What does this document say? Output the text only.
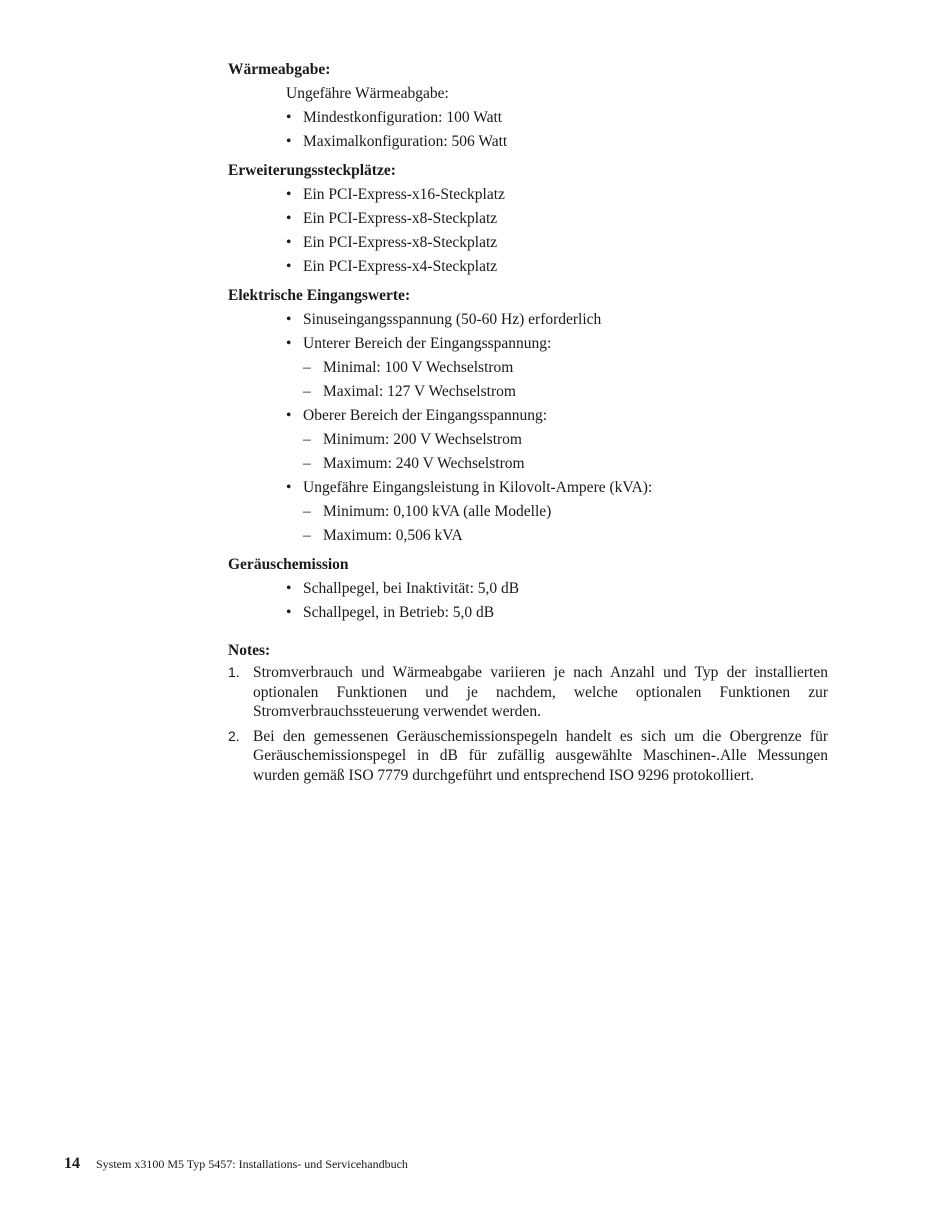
Wärmeabgabe:
Ungefähre Wärmeabgabe:
• Mindestkonfiguration: 100 Watt
• Maximalkonfiguration: 506 Watt
Erweiterungssteckplätze:
• Ein PCI-Express-x16-Steckplatz
• Ein PCI-Express-x8-Steckplatz
• Ein PCI-Express-x8-Steckplatz
• Ein PCI-Express-x4-Steckplatz
Elektrische Eingangswerte:
• Sinuseingangsspannung (50-60 Hz) erforderlich
• Unterer Bereich der Eingangsspannung:
– Minimal: 100 V Wechselstrom
– Maximal: 127 V Wechselstrom
• Oberer Bereich der Eingangsspannung:
– Minimum: 200 V Wechselstrom
– Maximum: 240 V Wechselstrom
• Ungefähre Eingangsleistung in Kilovolt-Ampere (kVA):
– Minimum: 0,100 kVA (alle Modelle)
– Maximum: 0,506 kVA
Geräuschemission
• Schallpegel, bei Inaktivität: 5,0 dB
• Schallpegel, in Betrieb: 5,0 dB
Notes:
1. Stromverbrauch und Wärmeabgabe variieren je nach Anzahl und Typ der installierten optionalen Funktionen und je nachdem, welche optionalen Funktionen zur Stromverbrauchssteuerung verwendet werden.
2. Bei den gemessenen Geräuschemissionspegeln handelt es sich um die Obergrenze für Geräuschemissionspegel in dB für zufällig ausgewählte Maschinen-.Alle Messungen wurden gemäß ISO 7779 durchgeführt und entsprechend ISO 9296 protokolliert.
14 System x3100 M5 Typ 5457: Installations- und Servicehandbuch
